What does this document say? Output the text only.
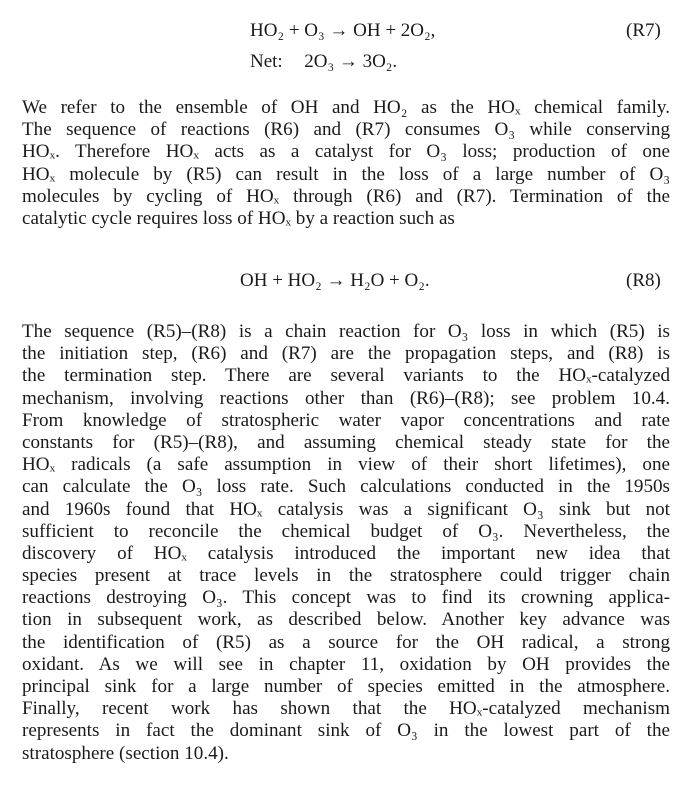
HO₂ + O₃ → OH + 2O₂,	(R7)
Net: 2O₃ → 3O₂.
We refer to the ensemble of OH and HO₂ as the HOₓ chemical family.
The sequence of reactions (R6) and (R7) consumes O₃ while conserving
HOₓ. Therefore HOₓ acts as a catalyst for O₃ loss; production of one
HOₓ molecule by (R5) can result in the loss of a large number of O₃
molecules by cycling of HOₓ through (R6) and (R7). Termination of the
catalytic cycle requires loss of HOₓ by a reaction such as
OH + HO₂ → H₂O + O₂.	(R8)
The sequence (R5)–(R8) is a chain reaction for O₃ loss in which (R5) is
the initiation step, (R6) and (R7) are the propagation steps, and (R8) is
the termination step. There are several variants to the HOₓ-catalyzed
mechanism, involving reactions other than (R6)–(R8); see problem 10.4.
From knowledge of stratospheric water vapor concentrations and rate
constants for (R5)–(R8), and assuming chemical steady state for the
HOₓ radicals (a safe assumption in view of their short lifetimes), one
can calculate the O₃ loss rate. Such calculations conducted in the 1950s
and 1960s found that HOₓ catalysis was a significant O₃ sink but not
sufficient to reconcile the chemical budget of O₃. Nevertheless, the
discovery of HOₓ catalysis introduced the important new idea that
species present at trace levels in the stratosphere could trigger chain
reactions destroying O₃. This concept was to find its crowning applica-
tion in subsequent work, as described below. Another key advance was
the identification of (R5) as a source for the OH radical, a strong
oxidant. As we will see in chapter 11, oxidation by OH provides the
principal sink for a large number of species emitted in the atmosphere.
Finally, recent work has shown that the HOₓ-catalyzed mechanism
represents in fact the dominant sink of O₃ in the lowest part of the
stratosphere (section 10.4).
